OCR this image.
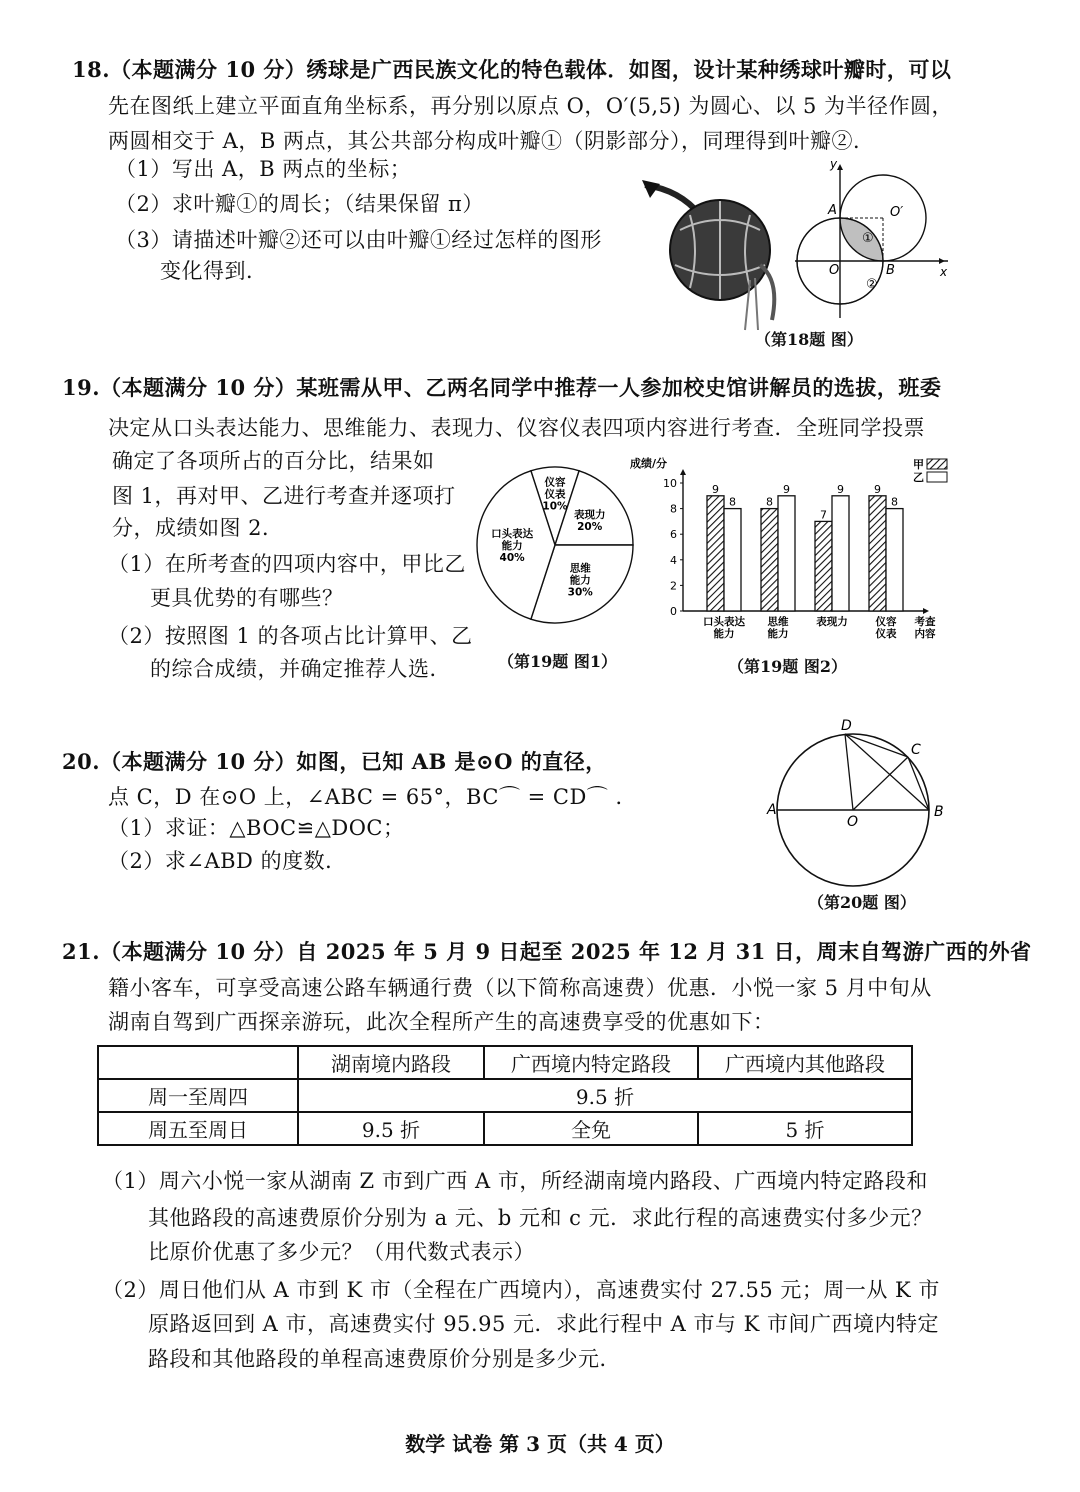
18.（本题满分 10 分）绣球是广西民族文化的特色载体．如图，设计某种绣球叶瓣时，可以
先在图纸上建立平面直角坐标系，再分别以原点 O，O′(5,5) 为圆心、以 5 为半径作圆，
两圆相交于 A，B 两点，其公共部分构成叶瓣①（阴影部分），同理得到叶瓣②．
（1）写出 A，B 两点的坐标；
（2）求叶瓣①的周长；（结果保留 π）
（3）请描述叶瓣②还可以由叶瓣①经过怎样的图形
变化得到．
y
x
A
B
O
O′
①
②
（第18题 图）
19.（本题满分 10 分）某班需从甲、乙两名同学中推荐一人参加校史馆讲解员的选拔，班委
决定从口头表达能力、思维能力、表现力、仪容仪表四项内容进行考查．全班同学投票
确定了各项所占的百分比，结果如
图 1，再对甲、乙进行考查并逐项打
分，成绩如图 2．
（1）在所考查的四项内容中，甲比乙
更具优势的有哪些？
（2）按照图 1 的各项占比计算甲、乙
的综合成绩，并确定推荐人选．
仪容
仪表
10%
表现力
20%
思维
能力
30%
口头表达
能力
40%
（第19题 图1）
0
2
4
6
8
10
成绩/分
9
8
口头表达
能力
8
9
思维
能力
7
9
表现力
9
8
仪容
仪表
考查
内容
甲
乙
（第19题 图2）
20.（本题满分 10 分）如图，已知 AB 是⊙O 的直径，
点 C，D 在⊙O 上，∠ABC = 65°，BC⌒ = CD⌒ ．
（1）求证：△BOC≌△DOC；
（2）求∠ABD 的度数．
D
C
A	B
O
（第20题 图）
21.（本题满分 10 分）自 2025 年 5 月 9 日起至 2025 年 12 月 31 日，周末自驾游广西的外省
籍小客车，可享受高速公路车辆通行费（以下简称高速费）优惠．小悦一家 5 月中旬从
湖南自驾到广西探亲游玩，此次全程所产生的高速费享受的优惠如下：
	湖南境内路段	广西境内特定路段	广西境内其他路段
周一至周四	9.5 折		
周五至周日	9.5 折	全免	5 折
（1）周六小悦一家从湖南 Z 市到广西 A 市，所经湖南境内路段、广西境内特定路段和
其他路段的高速费原价分别为 a 元、b 元和 c 元．求此行程的高速费实付多少元？
比原价优惠了多少元？（用代数式表示）
（2）周日他们从 A 市到 K 市（全程在广西境内），高速费实付 27.55 元；周一从 K 市
原路返回到 A 市，高速费实付 95.95 元．求此行程中 A 市与 K 市间广西境内特定
路段和其他路段的单程高速费原价分别是多少元．
数学 试卷 第 3 页（共 4 页）
